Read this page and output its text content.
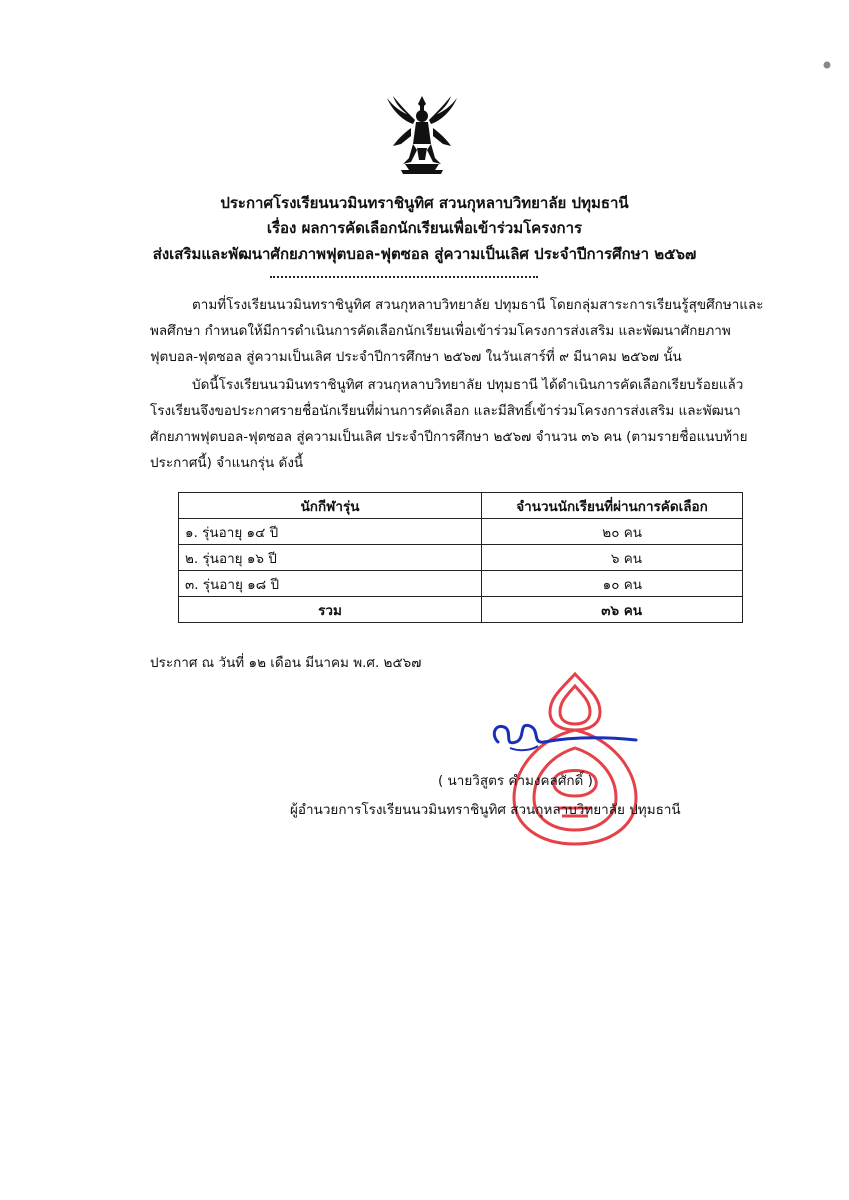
ประกาศโรงเรียนนวมินทราชินูทิศ สวนกุหลาบวิทยาลัย ปทุมธานี
เรื่อง ผลการคัดเลือกนักเรียนเพื่อเข้าร่วมโครงการ
ส่งเสริมและพัฒนาศักยภาพฟุตบอล-ฟุตซอล สู่ความเป็นเลิศ ประจำปีการศึกษา ๒๕๖๗
ตามที่โรงเรียนนวมินทราชินูทิศ สวนกุหลาบวิทยาลัย ปทุมธานี โดยกลุ่มสาระการเรียนรู้สุขศึกษาและ
พลศึกษา กำหนดให้มีการดำเนินการคัดเลือกนักเรียนเพื่อเข้าร่วมโครงการส่งเสริม และพัฒนาศักยภาพ
ฟุตบอล-ฟุตซอล สู่ความเป็นเลิศ ประจำปีการศึกษา ๒๕๖๗ ในวันเสาร์ที่ ๙ มีนาคม ๒๕๖๗ นั้น
บัดนี้โรงเรียนนวมินทราชินูทิศ สวนกุหลาบวิทยาลัย ปทุมธานี ได้ดำเนินการคัดเลือกเรียบร้อยแล้ว
โรงเรียนจึงขอประกาศรายชื่อนักเรียนที่ผ่านการคัดเลือก และมีสิทธิ์เข้าร่วมโครงการส่งเสริม และพัฒนา
ศักยภาพฟุตบอล-ฟุตซอล สู่ความเป็นเลิศ ประจำปีการศึกษา ๒๕๖๗ จำนวน ๓๖ คน (ตามรายชื่อแนบท้าย
ประกาศนี้) จำแนกรุ่น ดังนี้
นักกีฬารุ่น	จำนวนนักเรียนที่ผ่านการคัดเลือก
๑. รุ่นอายุ ๑๔ ปี	๒๐ คน
๒. รุ่นอายุ ๑๖ ปี	๖ คน
๓. รุ่นอายุ ๑๘ ปี	๑๐ คน
รวม	๓๖ คน
ประกาศ ณ วันที่ ๑๒ เดือน มีนาคม พ.ศ. ๒๕๖๗
( นายวิสูตร คำมงคลศักดิ์ )
ผู้อำนวยการโรงเรียนนวมินทราชินูทิศ สวนกุหลาบวิทยาลัย ปทุมธานี
